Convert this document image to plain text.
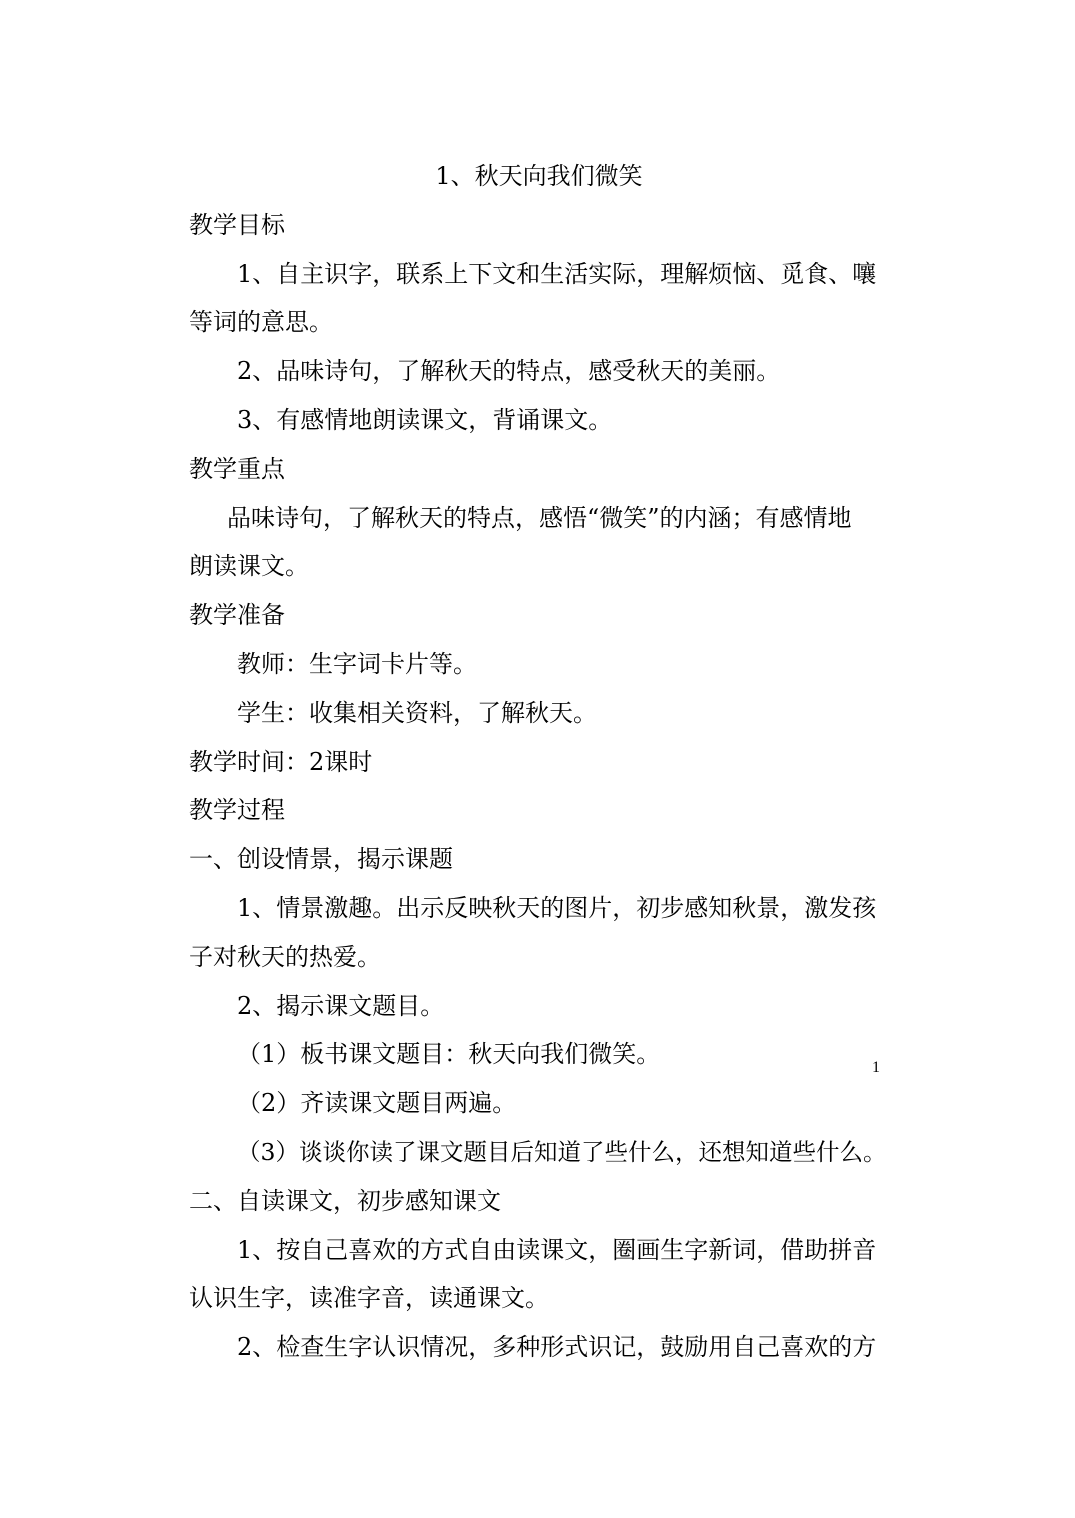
1、秋天向我们微笑

教学目标

1、自主识字，联系上下文和生活实际，理解烦恼、觅食、嚷

等词的意思。

2、品味诗句，了解秋天的特点，感受秋天的美丽。

3、有感情地朗读课文，背诵课文。

教学重点

品味诗句，了解秋天的特点，感悟“微笑”的内涵；有感情地

朗读课文。

教学准备

教师：生字词卡片等。

学生：收集相关资料，了解秋天。

教学时间：2课时

教学过程

一、创设情景，揭示课题

1、情景激趣。出示反映秋天的图片，初步感知秋景，激发孩

子对秋天的热爱。

2、揭示课文题目。

（1）板书课文题目：秋天向我们微笑。

（2）齐读课文题目两遍。

（3）谈谈你读了课文题目后知道了些什么，还想知道些什么。

二、自读课文，初步感知课文

1、按自己喜欢的方式自由读课文，圈画生字新词，借助拼音

认识生字，读准字音，读通课文。

2、检查生字认识情况，多种形式识记，鼓励用自己喜欢的方

1
